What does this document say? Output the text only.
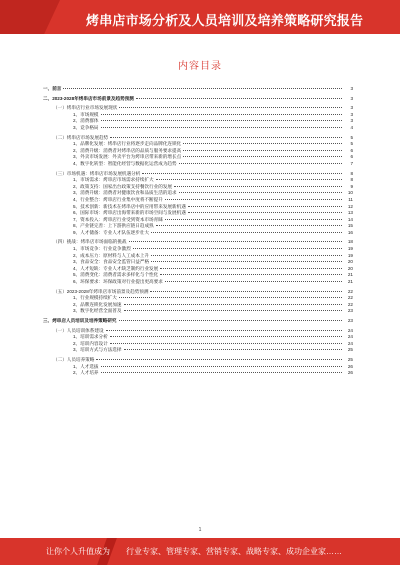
烤串店市场分析及人员培训及培养策略研究报告
内容目录
一、前言	3
二、2023-2028年烤串店市场前景及趋势预测	3
（一）烤串店行业市场发展现状	3
1、市场规模	3
2、消费群体	3
3、竞争格局	4
（二）烤串店市场发展趋势	5
1、品牌化发展：烤串店行业将逐步走向品牌化连锁化	5
2、消费升级：消费者对烤串店的品质与服务要求提高	6
3、外卖市场发展：外卖平台为烤串店带来新的增长点	6
4、数字化转型：智能化经营与数据化运营成为趋势	7
（三）市场机遇：烤串店市场发展机遇分析	8
1、市场需求：烤串店市场需求持续扩大	8
2、政策支持：国家出台政策支持餐饮行业的发展	9
3、消费升级：消费者对健康饮食和品质生活的追求	10
4、行业整合：烤串店行业集中度将不断提升	11
5、技术创新：新技术在烤串店中的应用带来发展新机遇	12
6、国际市场：烤串店出海带来新的市场空间与发展机遇	13
7、资本投入：烤串店行业受到资本市场青睐	14
8、产业链完善：上下游供应链日趋成熟	15
9、人才储备：专业人才队伍逐步壮大	16
（四）挑战：烤串店市场面临的挑战	18
1、市场竞争：行业竞争激烈	19
2、成本压力：原材料与人工成本上升	19
3、食品安全：食品安全监管日益严格	20
4、人才短缺：专业人才缺乏制约行业发展	20
5、消费变化：消费者需求多样化与个性化	21
6、环保要求：环保政策对行业提出更高要求	21
（五）2023-2028年烤串店市场前景及趋势预测	22
1、行业规模持续扩大	22
2、品牌连锁化发展加速	22
3、数字化经营全面普及	23
三、烤串店人员培训及培养策略研究	23
（一）人员培训体系建设	24
1、培训需求分析	24
2、培训内容设计	24
3、培训方式与方法选择	25
（二）人员培养策略	25
1、人才选拔	26
2、人才培养	26
1
让你个人升值成为 行业专家、管理专家、营销专家、战略专家、成功企业家……
